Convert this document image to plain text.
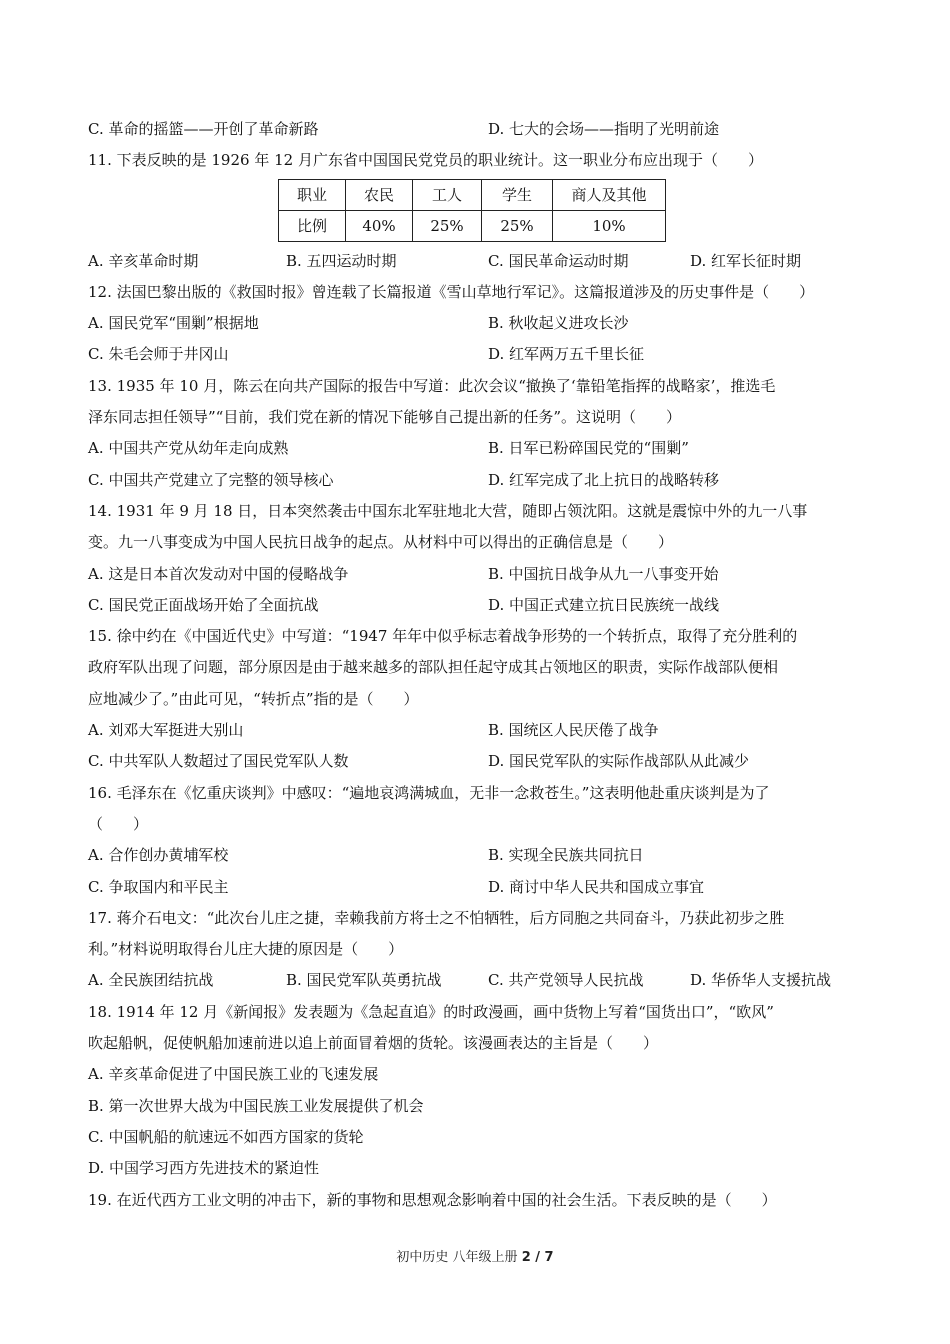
C. 革命的摇篮——开创了革命新路	D. 七大的会场——指明了光明前途
11. 下表反映的是 1926 年 12 月广东省中国国民党党员的职业统计。这一职业分布应出现于（　　）
职业	农民	工人	学生	商人及其他
比例	40%	25%	25%	10%
A. 辛亥革命时期	B. 五四运动时期	C. 国民革命运动时期	D. 红军长征时期
12. 法国巴黎出版的《救国时报》曾连载了长篇报道《雪山草地行军记》。这篇报道涉及的历史事件是（　　）
A. 国民党军“围剿”根据地	B. 秋收起义进攻长沙
C. 朱毛会师于井冈山	D. 红军两万五千里长征
13. 1935 年 10 月，陈云在向共产国际的报告中写道：此次会议“撤换了‘靠铅笔指挥的战略家’，推选毛
泽东同志担任领导”“目前，我们党在新的情况下能够自己提出新的任务”。这说明（　　）
A. 中国共产党从幼年走向成熟	B. 日军已粉碎国民党的“围剿”
C. 中国共产党建立了完整的领导核心	D. 红军完成了北上抗日的战略转移
14. 1931 年 9 月 18 日，日本突然袭击中国东北军驻地北大营，随即占领沈阳。这就是震惊中外的九一八事
变。九一八事变成为中国人民抗日战争的起点。从材料中可以得出的正确信息是（　　）
A. 这是日本首次发动对中国的侵略战争	B. 中国抗日战争从九一八事变开始
C. 国民党正面战场开始了全面抗战	D. 中国正式建立抗日民族统一战线
15. 徐中约在《中国近代史》中写道：“1947 年年中似乎标志着战争形势的一个转折点，取得了充分胜利的
政府军队出现了问题，部分原因是由于越来越多的部队担任起守成其占领地区的职责，实际作战部队便相
应地减少了。”由此可见，“转折点”指的是（　　）
A. 刘邓大军挺进大别山	B. 国统区人民厌倦了战争
C. 中共军队人数超过了国民党军队人数	D. 国民党军队的实际作战部队从此减少
16. 毛泽东在《忆重庆谈判》中感叹：“遍地哀鸿满城血，无非一念救苍生。”这表明他赴重庆谈判是为了
（　　）
A. 合作创办黄埔军校	B. 实现全民族共同抗日
C. 争取国内和平民主	D. 商讨中华人民共和国成立事宜
17. 蒋介石电文：“此次台儿庄之捷，幸赖我前方将士之不怕牺牲，后方同胞之共同奋斗，乃获此初步之胜
利。”材料说明取得台儿庄大捷的原因是（　　）
A. 全民族团结抗战	B. 国民党军队英勇抗战	C. 共产党领导人民抗战	D. 华侨华人支援抗战
18. 1914 年 12 月《新闻报》发表题为《急起直追》的时政漫画，画中货物上写着“国货出口”，“欧风”
吹起船帆，促使帆船加速前进以追上前面冒着烟的货轮。该漫画表达的主旨是（　　）
A. 辛亥革命促进了中国民族工业的飞速发展
B. 第一次世界大战为中国民族工业发展提供了机会
C. 中国帆船的航速远不如西方国家的货轮
D. 中国学习西方先进技术的紧迫性
19. 在近代西方工业文明的冲击下，新的事物和思想观念影响着中国的社会生活。下表反映的是（　　）
初中历史 八年级上册 2 / 7
